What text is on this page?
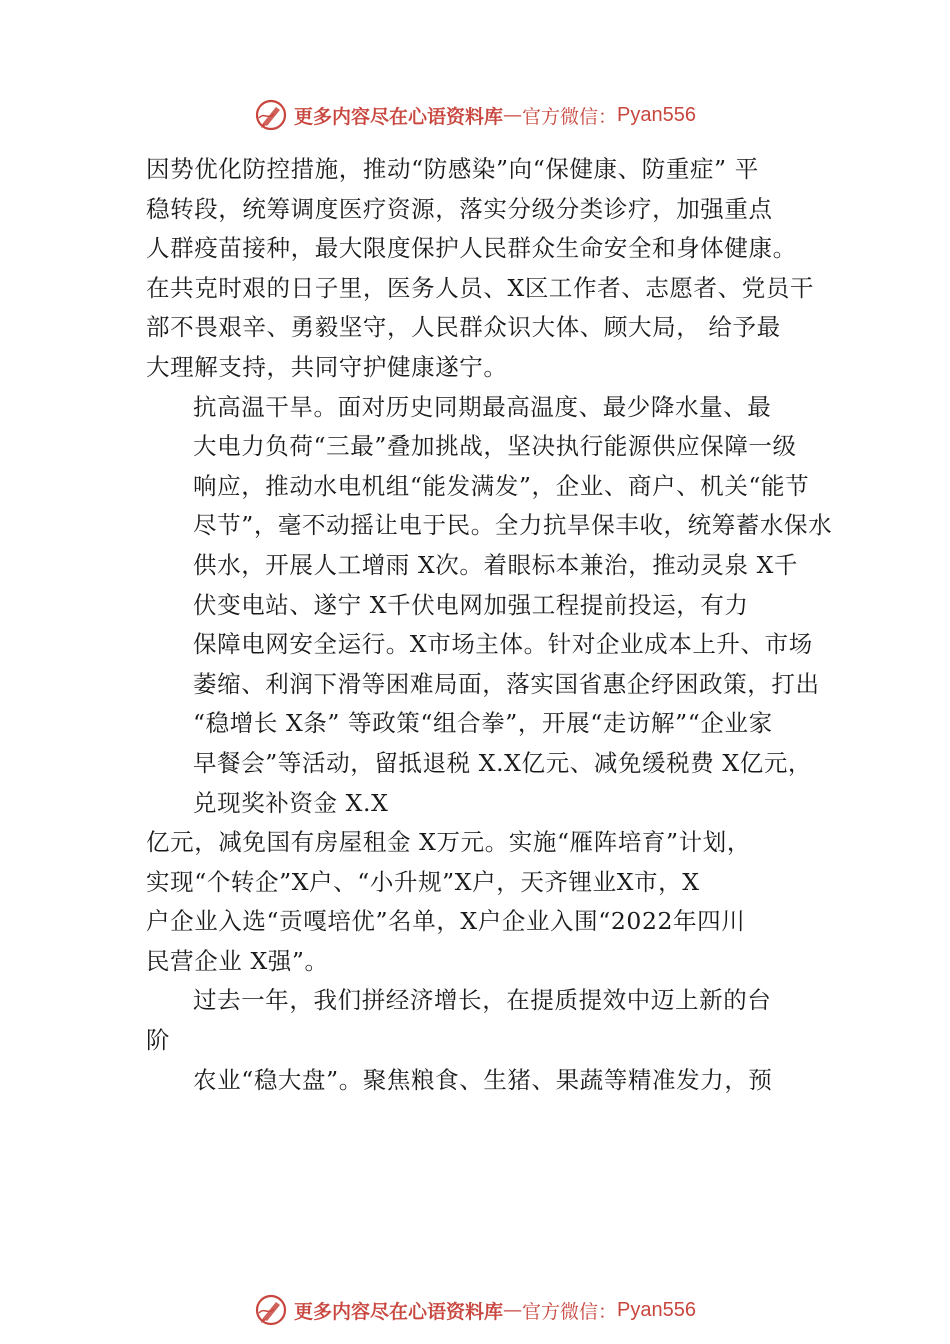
更多内容尽在心语资料库 — 官方微信： Pyan556

因势优化防控措施，推动“防感染”向“保健康、防重症” 平
稳转段，统筹调度医疗资源，落实分级分类诊疗，加强重点
人群疫苗接种，最大限度保护人民群众生命安全和身体健康。
在共克时艰的日子里，医务人员、X区工作者、志愿者、党员干
部不畏艰辛、勇毅坚守，人民群众识大体、顾大局， 给予最
大理解支持，共同守护健康遂宁。

抗高温干旱。面对历史同期最高温度、最少降水量、最
大电力负荷“三最”叠加挑战，坚决执行能源供应保障一级
响应，推动水电机组“能发满发”，企业、商户、机关“能节
尽节”，毫不动摇让电于民。全力抗旱保丰收，统筹蓄水保水
供水，开展人工增雨 X次。着眼标本兼治，推动灵泉 X千

伏变电站、遂宁 X千伏电网加强工程提前投运，有力
保障电网安全运行。X市场主体。针对企业成本上升、市场
萎缩、利润下滑等困难局面，落实国省惠企纾困政策，打出
“稳增长 X条” 等政策“组合拳”，开展“走访解”“企业家
早餐会”等活动，留抵退税 X.X亿元、减免缓税费 X亿元，
兑现奖补资金 X.X

亿元，减免国有房屋租金 X万元。实施“雁阵培育”计划，
实现“个转企”X户、“小升规”X户，天齐锂业X市，X
户企业入选“贡嘎培优”名单，X户企业入围“2022年四川
民营企业 X强”。

过去一年，我们拼经济增长，在提质提效中迈上新的台

阶

农业“稳大盘”。聚焦粮食、生猪、果蔬等精准发力，预

更多内容尽在心语资料库 — 官方微信： Pyan556
